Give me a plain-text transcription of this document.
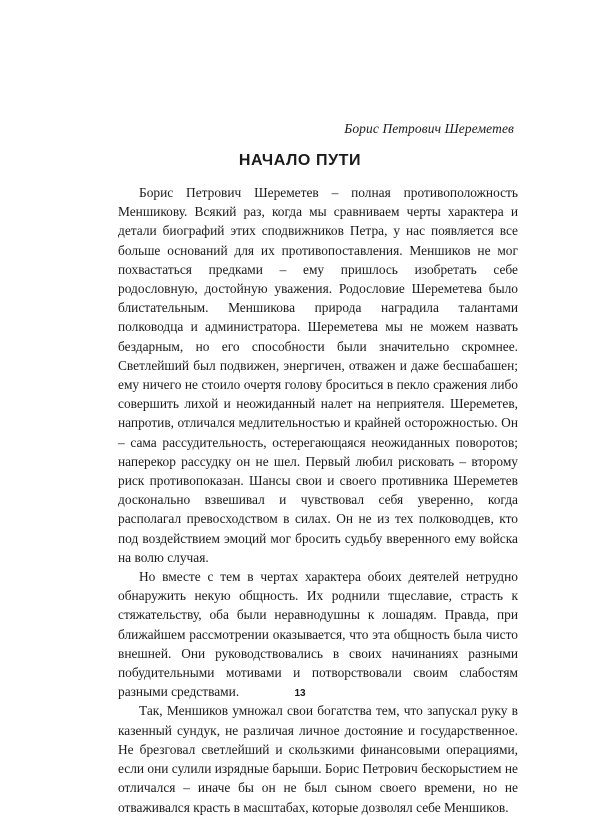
Борис Петрович Шереметев
НАЧАЛО ПУТИ

Борис Петрович Шереметев – полная противоположность Меншикову. Всякий раз, когда мы сравниваем черты характера и детали биографий этих сподвижников Петра, у нас появляется все больше оснований для их противопоставления. Меншиков не мог похвастаться предками – ему пришлось изобретать себе родословную, достойную уважения. Родословие Шереметева было блистательным. Меншикова природа наградила талантами полководца и администратора. Шереметева мы не можем назвать бездарным, но его способности были значительно скромнее. Светлейший был подвижен, энергичен, отважен и даже бесшабашен; ему ничего не стоило очертя голову броситься в пекло сражения либо совершить лихой и неожиданный налет на неприятеля. Шереметев, напротив, отличался медлительностью и крайней осторожностью. Он – сама рассудительность, остерегающаяся неожиданных поворотов; наперекор рассудку он не шел. Первый любил рисковать – второму риск противопоказан. Шансы свои и своего противника Шереметев досконально взвешивал и чувствовал себя уверенно, когда располагал превосходством в силах. Он не из тех полководцев, кто под воздействием эмоций мог бросить судьбу вверенного ему войска на волю случая.

Но вместе с тем в чертах характера обоих деятелей нетрудно обнаружить некую общность. Их роднили тщеславие, страсть к стяжательству, оба были неравнодушны к лошадям. Правда, при ближайшем рассмотрении оказывается, что эта общность была чисто внешней. Они руководствовались в своих начинаниях разными побудительными мотивами и потворствовали своим слабостям разными средствами.

Так, Меншиков умножал свои богатства тем, что запускал руку в казенный сундук, не различая личное достояние и государственное. Не брезговал светлейший и скользкими финансовыми операциями, если они сулили изрядные барыши. Борис Петрович бескорыстием не отличался – иначе бы он не был сыном своего времени, но не отваживался красть в масштабах, которые дозволял себе Меншиков.

13
